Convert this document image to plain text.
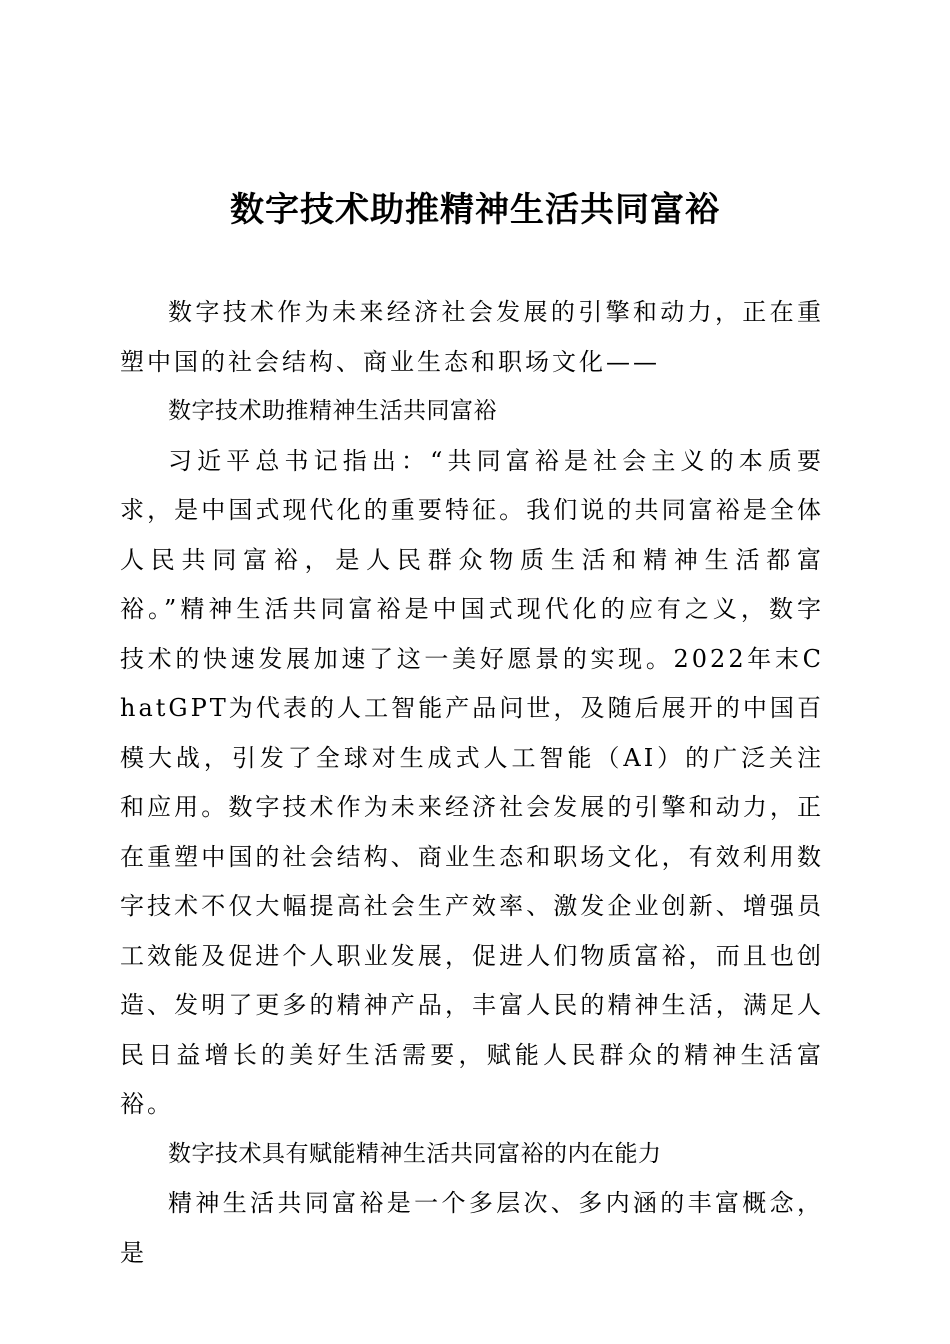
数字技术助推精神生活共同富裕

数字技术作为未来经济社会发展的引擎和动力，正在重塑中国的社会结构、商业生态和职场文化——

数字技术助推精神生活共同富裕

习近平总书记指出：“共同富裕是社会主义的本质要求，是中国式现代化的重要特征。我们说的共同富裕是全体人民共同富裕，是人民群众物质生活和精神生活都富裕。”精神生活共同富裕是中国式现代化的应有之义，数字技术的快速发展加速了这一美好愿景的实现。2022年末ChatGPT为代表的人工智能产品问世，及随后展开的中国百模大战，引发了全球对生成式人工智能（AI）的广泛关注和应用。数字技术作为未来经济社会发展的引擎和动力，正在重塑中国的社会结构、商业生态和职场文化，有效利用数字技术不仅大幅提高社会生产效率、激发企业创新、增强员工效能及促进个人职业发展，促进人们物质富裕，而且也创造、发明了更多的精神产品，丰富人民的精神生活，满足人民日益增长的美好生活需要，赋能人民群众的精神生活富裕。

数字技术具有赋能精神生活共同富裕的内在能力

精神生活共同富裕是一个多层次、多内涵的丰富概念，是
